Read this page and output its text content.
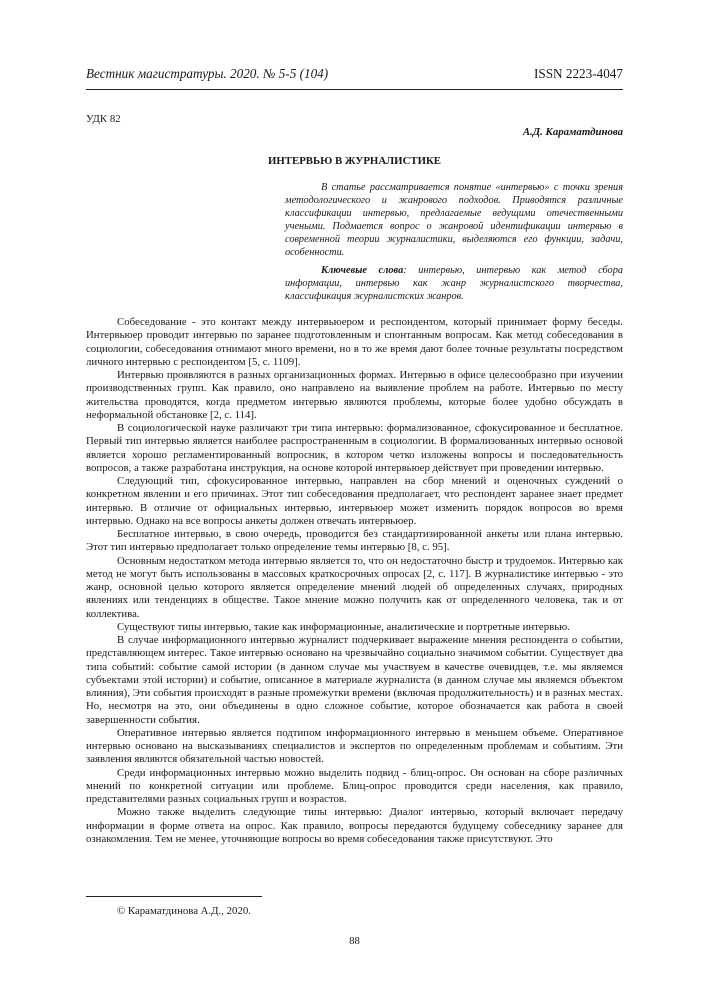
Вестник магистратуры. 2020. № 5-5 (104)	ISSN 2223-4047
УДК 82
А.Д. Караматдинова
ИНТЕРВЬЮ В ЖУРНАЛИСТИКЕ

В статье рассматривается понятие «интервью» с точки зрения методологического и жанрового подходов. Приводятся различные классификации интервью, предлагаемые ведущими отечественными учеными. Подмается вопрос о жанровой идентификации интервью в современной теории журналистики, выделяются его функции, задачи, особенности.

Ключевые слова: интервью, интервью как метод сбора информации, интервью как жанр журналистского творчества, классификация журналистских жанров.

Собеседование - это контакт между интервьюером и респондентом, который принимает форму беседы. Интервьюер проводит интервью по заранее подготовленным и спонтанным вопросам. Как метод собеседования в социологии, собеседования отнимают много времени, но в то же время дают более точные результаты посредством личного интервью с респондентом [5, с. 1109].

Интервью проявляются в разных организационных формах. Интервью в офисе целесообразно при изучении производственных групп. Как правило, оно направлено на выявление проблем на работе. Интервью по месту жительства проводятся, когда предметом интервью являются проблемы, которые более удобно обсуждать в неформальной обстановке [2, с. 114].

В социологической науке различают три типа интервью: формализованное, сфокусированное и бесплатное. Первый тип интервью является наиболее распространенным в социологии. В формализованных интервью основой является хорошо регламентированный вопросник, в котором четко изложены вопросы и последовательность вопросов, а также разработана инструкция, на основе которой интервьюер действует при проведении интервью.

Следующий тип, сфокусированное интервью, направлен на сбор мнений и оценочных суждений о конкретном явлении и его причинах. Этот тип собеседования предполагает, что респондент заранее знает предмет интервью. В отличие от официальных интервью, интервьюер может изменить порядок вопросов во время интервью. Однако на все вопросы анкеты должен отвечать интервьюер.

Бесплатное интервью, в свою очередь, проводится без стандартизированной анкеты или плана интервью. Этот тип интервью предполагает только определение темы интервью [8, с. 95].

Основным недостатком метода интервью является то, что он недостаточно быстр и трудоемок. Интервью как метод не могут быть использованы в массовых краткосрочных опросах [2, с. 117]. В журналистике интервью - это жанр, основной целью которого является определение мнений людей об определенных случаях, природных явлениях или тенденциях в обществе. Такое мнение можно получить как от определенного человека, так и от коллектива.

Существуют типы интервью, такие как информационные, аналитические и портретные интервью.

В случае информационного интервью журналист подчеркивает выражение мнения респондента о событии, представляющем интерес. Такое интервью основано на чрезвычайно социально значимом событии. Существует два типа событий: событие самой истории (в данном случае мы участвуем в качестве очевидцев, т.е. мы являемся субъектами этой истории) и событие, описанное в материале журналиста (в данном случае мы являемся объектом влияния), Эти события происходят в разные промежутки времени (включая продолжительность) и в разных местах. Но, несмотря на это, они объединены в одно сложное событие, которое обозначается как работа в своей завершенности события.

Оперативное интервью является подтипом информационного интервью в меньшем объеме. Оперативное интервью основано на высказываниях специалистов и экспертов по определенным проблемам и событиям. Эти заявления являются обязательной частью новостей.

Среди информационных интервью можно выделить подвид - блиц-опрос. Он основан на сборе различных мнений по конкретной ситуации или проблеме. Блиц-опрос проводится среди населения, как правило, представителями разных социальных групп и возрастов.

Можно также выделить следующие типы интервью: Диалог интервью, который включает передачу информации в форме ответа на опрос. Как правило, вопросы передаются будущему собеседнику заранее для ознакомления. Тем не менее, уточняющие вопросы во время собеседования также присутствуют. Это

© Караматдинова А.Д., 2020.
88
